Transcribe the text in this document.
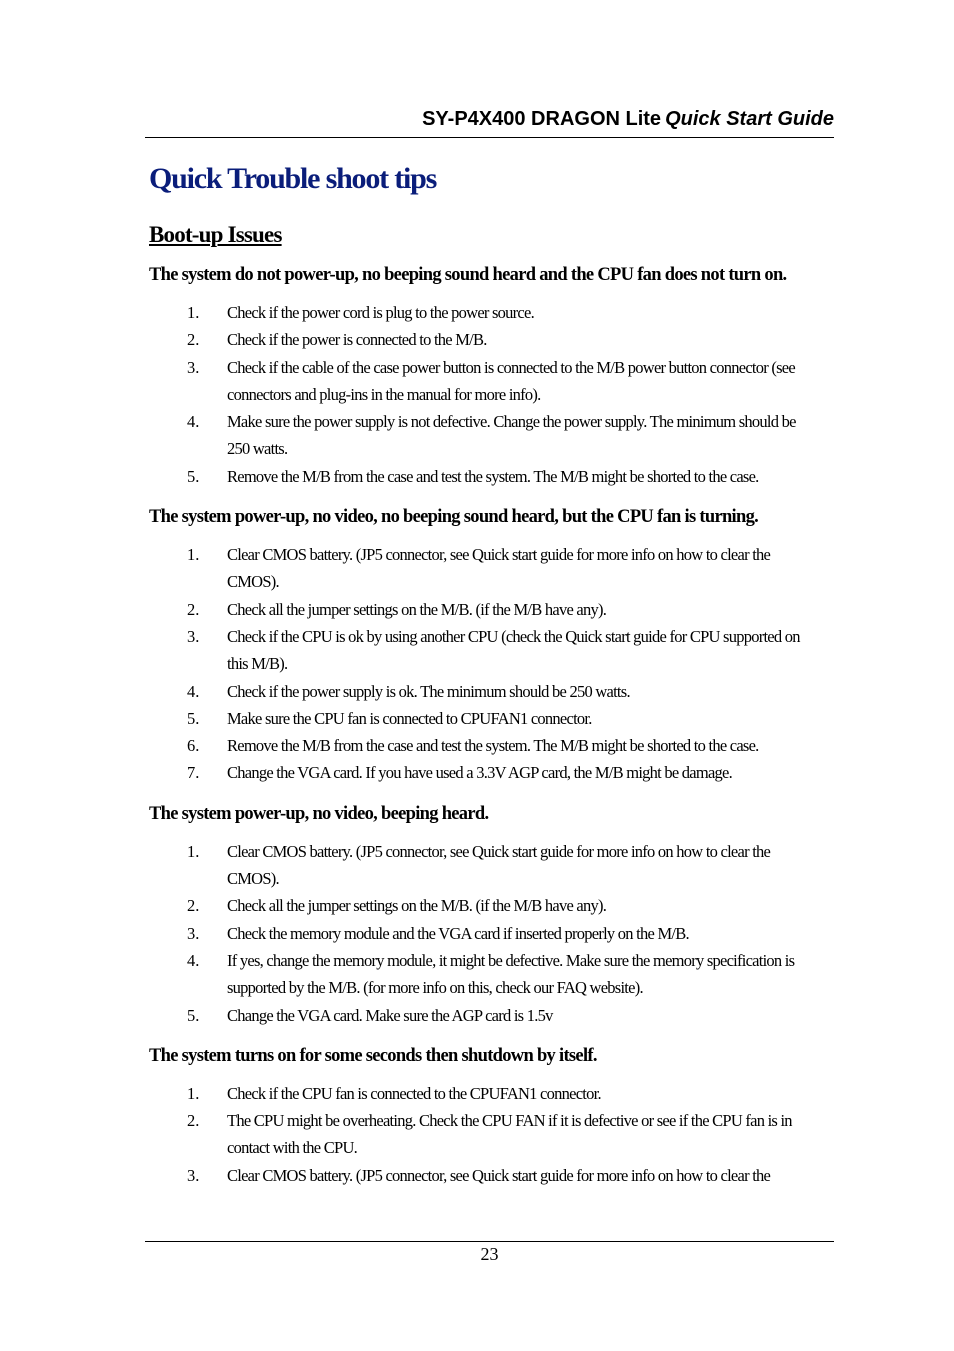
SY-P4X400 DRAGON Lite Quick Start Guide
Quick Trouble shoot tips
Boot-up Issues

The system do not power-up, no beeping sound heard and the CPU fan does not turn on.

1. Check if the power cord is plug to the power source.
2. Check if the power is connected to the M/B.
3. Check if the cable of the case power button is connected to the M/B power button connector (see connectors and plug-ins in the manual for more info).
4. Make sure the power supply is not defective. Change the power supply. The minimum should be 250 watts.
5. Remove the M/B from the case and test the system. The M/B might be shorted to the case.

The system power-up, no video, no beeping sound heard, but the CPU fan is turning.

1. Clear CMOS battery. (JP5 connector, see Quick start guide for more info on how to clear the CMOS).
2. Check all the jumper settings on the M/B. (if the M/B have any).
3. Check if the CPU is ok by using another CPU (check the Quick start guide for CPU supported on this M/B).
4. Check if the power supply is ok. The minimum should be 250 watts.
5. Make sure the CPU fan is connected to CPUFAN1 connector.
6. Remove the M/B from the case and test the system. The M/B might be shorted to the case.
7. Change the VGA card. If you have used a 3.3V AGP card, the M/B might be damage.

The system power-up, no video, beeping heard.

1. Clear CMOS battery. (JP5 connector, see Quick start guide for more info on how to clear the CMOS).
2. Check all the jumper settings on the M/B. (if the M/B have any).
3. Check the memory module and the VGA card if inserted properly on the M/B.
4. If yes, change the memory module, it might be defective. Make sure the memory specification is supported by the M/B. (for more info on this, check our FAQ website).
5. Change the VGA card. Make sure the AGP card is 1.5v

The system turns on for some seconds then shutdown by itself.

1. Check if the CPU fan is connected to the CPUFAN1 connector.
2. The CPU might be overheating. Check the CPU FAN if it is defective or see if the CPU fan is in contact with the CPU.
3. Clear CMOS battery. (JP5 connector, see Quick start guide for more info on how to clear the
23
